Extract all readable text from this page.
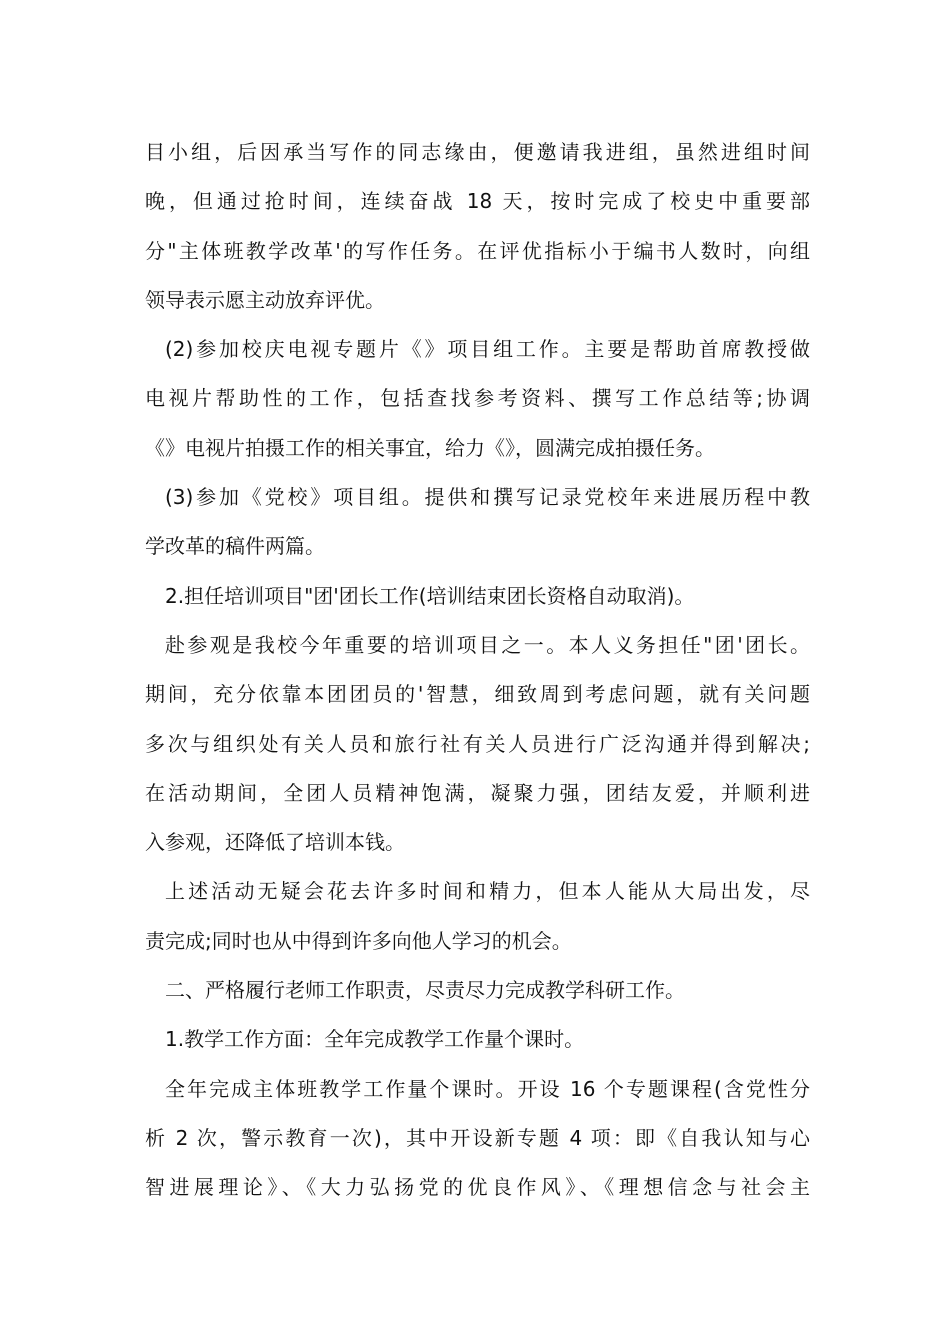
目小组，后因承当写作的同志缘由，便邀请我进组，虽然进组时间
晚，但通过抢时间，连续奋战 18 天，按时完成了校史中重要部
分"主体班教学改革'的写作任务。在评优指标小于编书人数时，向组
领导表示愿主动放弃评优。
(2)参加校庆电视专题片《》项目组工作。主要是帮助首席教授做
电视片帮助性的工作，包括查找参考资料、撰写工作总结等;协调
《》电视片拍摄工作的相关事宜，给力《》，圆满完成拍摄任务。
(3)参加《党校》项目组。提供和撰写记录党校年来进展历程中教
学改革的稿件两篇。
2.担任培训项目"团'团长工作(培训结束团长资格自动取消)。
赴参观是我校今年重要的培训项目之一。本人义务担任"团'团长。
期间，充分依靠本团团员的'智慧，细致周到考虑问题，就有关问题
多次与组织处有关人员和旅行社有关人员进行广泛沟通并得到解决;
在活动期间，全团人员精神饱满，凝聚力强，团结友爱，并顺利进
入参观，还降低了培训本钱。
上述活动无疑会花去许多时间和精力，但本人能从大局出发，尽
责完成;同时也从中得到许多向他人学习的机会。
二、严格履行老师工作职责，尽责尽力完成教学科研工作。
1.教学工作方面：全年完成教学工作量个课时。
全年完成主体班教学工作量个课时。开设 16 个专题课程(含党性分
析 2 次，警示教育一次)，其中开设新专题 4 项：即《自我认知与心
智进展理论》、《大力弘扬党的优良作风》、《理想信念与社会主
